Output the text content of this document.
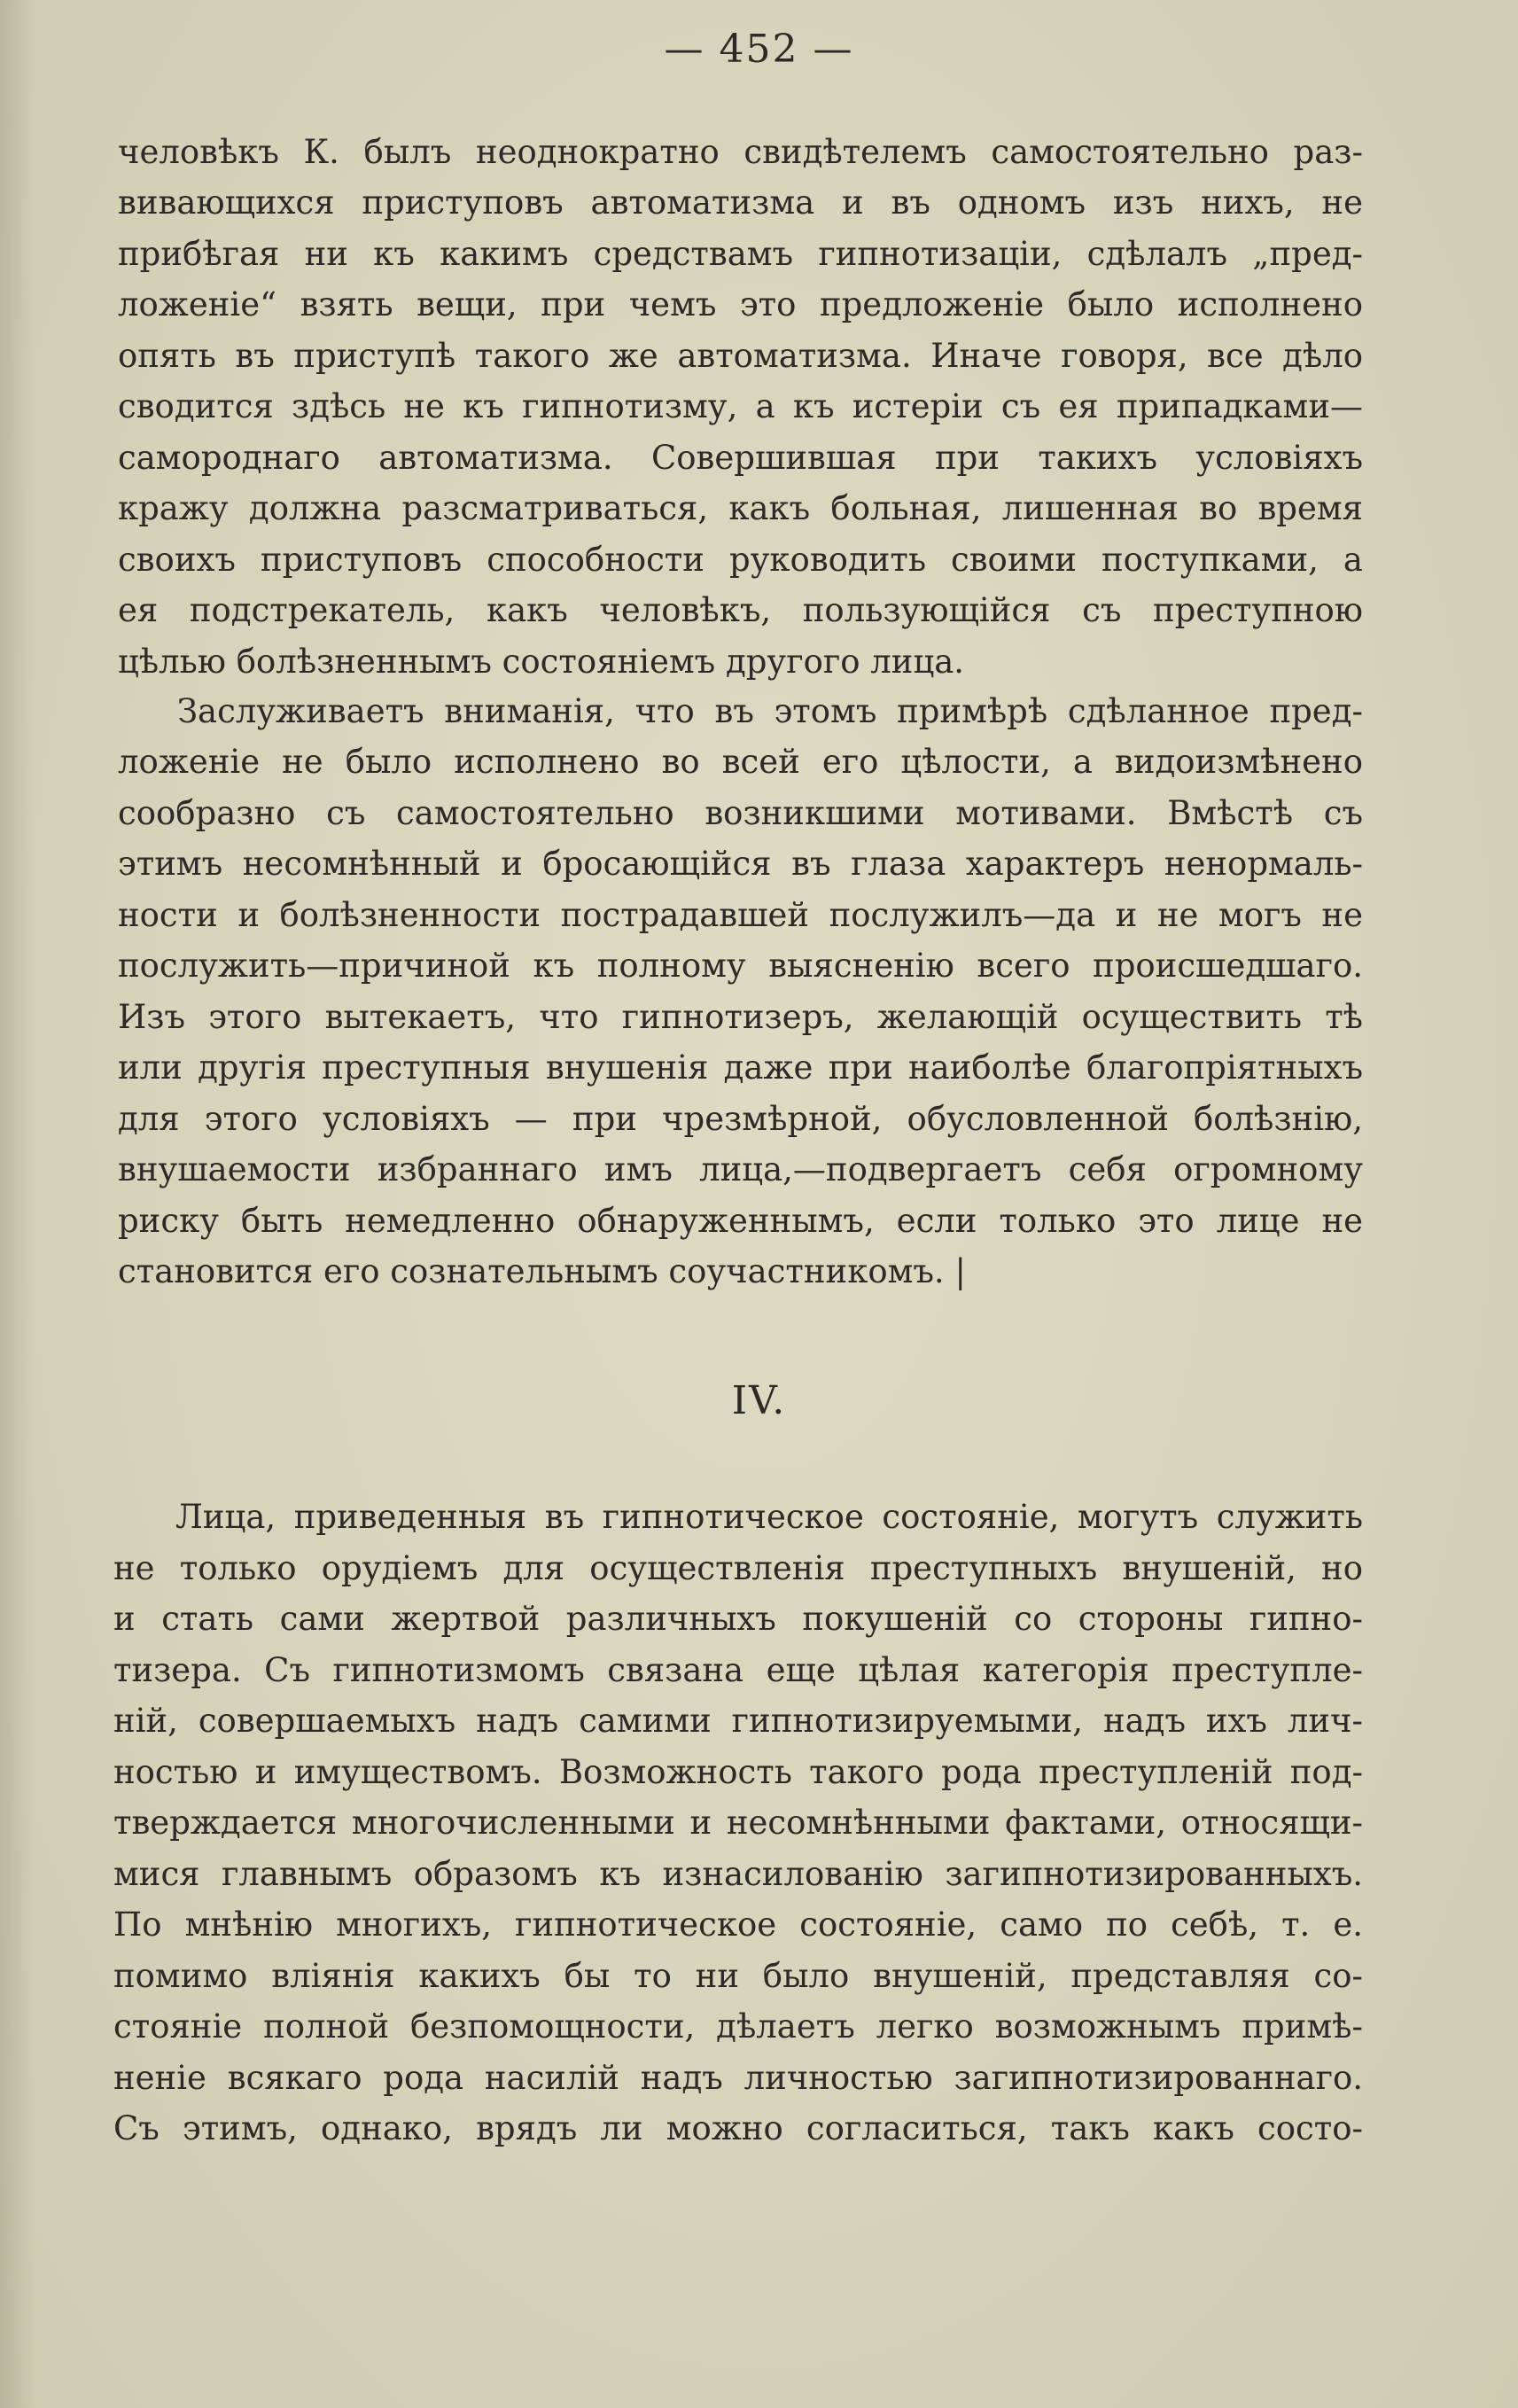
— 452 —
человѣкъ К. былъ неоднократно свидѣтелемъ самостоятельно раз-
вивающихся приступовъ автоматизма и въ одномъ изъ нихъ, не
прибѣгая ни къ какимъ средствамъ гипнотизаціи, сдѣлалъ „пред-
ложеніе“ взять вещи, при чемъ это предложеніе было исполнено
опять въ приступѣ такого же автоматизма. Иначе говоря, все дѣло
сводится здѣсь не къ гипнотизму, а къ истеріи съ ея припадками—
самороднаго автоматизма. Совершившая при такихъ условіяхъ
кражу должна разсматриваться, какъ больная, лишенная во время
своихъ приступовъ способности руководить своими поступками, а
ея подстрекатель, какъ человѣкъ, пользующійся съ преступною
цѣлью болѣзненнымъ состояніемъ другого лица.
Заслуживаетъ вниманія, что въ этомъ примѣрѣ сдѣланное пред-
ложеніе не было исполнено во всей его цѣлости, а видоизмѣнено
сообразно съ самостоятельно возникшими мотивами. Вмѣстѣ съ
этимъ несомнѣнный и бросающійся въ глаза характеръ ненормаль-
ности и болѣзненности пострадавшей послужилъ—да и не могъ не
послужить—причиной къ полному выясненію всего происшедшаго.
Изъ этого вытекаетъ, что гипнотизеръ, желающій осуществить тѣ
или другія преступныя внушенія даже при наиболѣе благопріятныхъ
для этого условіяхъ — при чрезмѣрной, обусловленной болѣзнію,
внушаемости избраннаго имъ лица,—подвергаетъ себя огромному
риску быть немедленно обнаруженнымъ, если только это лице не
становится его сознательнымъ соучастникомъ. |
IV.
Лица, приведенныя въ гипнотическое состояніе, могутъ служить
не только орудіемъ для осуществленія преступныхъ внушеній, но
и стать сами жертвой различныхъ покушеній со стороны гипно-
тизера. Съ гипнотизмомъ связана еще цѣлая категорія преступле-
ній, совершаемыхъ надъ самими гипнотизируемыми, надъ ихъ лич-
ностью и имуществомъ. Возможность такого рода преступленій под-
тверждается многочисленными и несомнѣнными фактами, относящи-
мися главнымъ образомъ къ изнасилованію загипнотизированныхъ.
По мнѣнію многихъ, гипнотическое состояніе, само по себѣ, т. е.
помимо вліянія какихъ бы то ни было внушеній, представляя со-
стояніе полной безпомощности, дѣлаетъ легко возможнымъ примѣ-
неніе всякаго рода насилій надъ личностью загипнотизированнаго.
Съ этимъ, однако, врядъ ли можно согласиться, такъ какъ состо-
